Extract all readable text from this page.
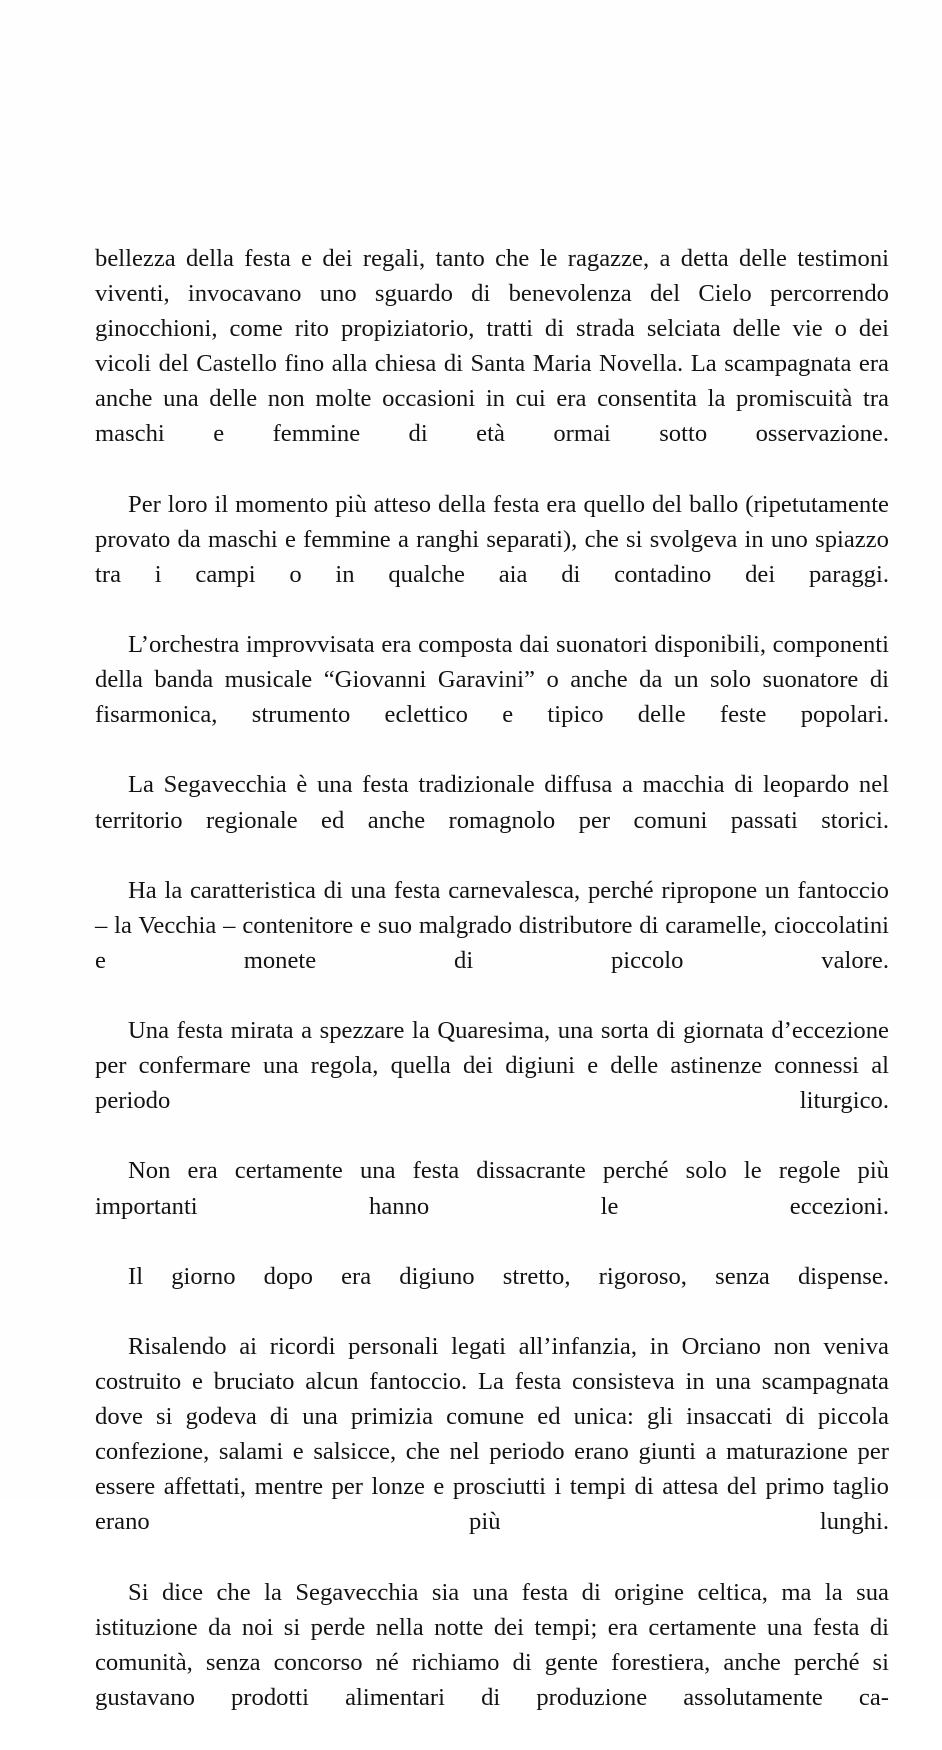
bellezza della festa e dei regali, tanto che le ragazze, a detta delle testimoni viventi, invocavano uno sguardo di benevolenza del Cielo percorrendo ginocchioni, come rito propiziatorio, tratti di strada selciata delle vie o dei vicoli del Castello fino alla chiesa di Santa Maria Novella. La scampagnata era anche una delle non molte occasioni in cui era consentita la promiscuità tra maschi e femmine di età ormai sotto osservazione.

Per loro il momento più atteso della festa era quello del ballo (ripetutamente provato da maschi e femmine a ranghi separati), che si svolgeva in uno spiazzo tra i campi o in qualche aia di contadino dei paraggi.

L’orchestra improvvisata era composta dai suonatori disponibili, componenti della banda musicale “Giovanni Garavini” o anche da un solo suonatore di fisarmonica, strumento eclettico e tipico delle feste popolari.

La Segavecchia è una festa tradizionale diffusa a macchia di leopardo nel territorio regionale ed anche romagnolo per comuni passati storici.

Ha la caratteristica di una festa carnevalesca, perché ripropone un fantoccio – la Vecchia – contenitore e suo malgrado distributore di caramelle, cioccolatini e monete di piccolo valore.

Una festa mirata a spezzare la Quaresima, una sorta di giornata d’eccezione per confermare una regola, quella dei digiuni e delle astinenze connessi al periodo liturgico.

Non era certamente una festa dissacrante perché solo le regole più importanti hanno le eccezioni.

Il giorno dopo era digiuno stretto, rigoroso, senza dispense.

Risalendo ai ricordi personali legati all’infanzia, in Orciano non veniva costruito e bruciato alcun fantoccio. La festa consisteva in una scampagnata dove si godeva di una primizia comune ed unica: gli insaccati di piccola confezione, salami e salsicce, che nel periodo erano giunti a maturazione per essere affettati, mentre per lonze e prosciutti i tempi di attesa del primo taglio erano più lunghi.

Si dice che la Segavecchia sia una festa di origine celtica, ma la sua istituzione da noi si perde nella notte dei tempi; era certamente una festa di comunità, senza concorso né richiamo di gente forestiera, anche perché si gustavano prodotti alimentari di produzione assolutamente ca-
